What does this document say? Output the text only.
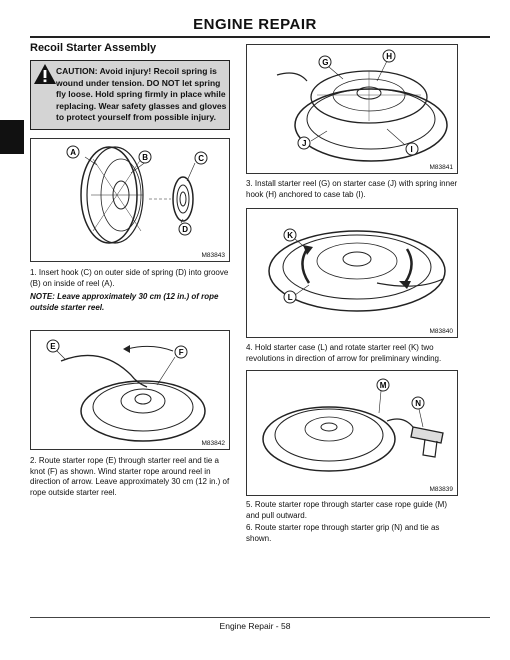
ENGINE REPAIR
Recoil Starter Assembly
CAUTION: Avoid injury! Recoil spring is wound under tension. DO NOT let spring fly loose. Hold spring firmly in place while replacing. Wear safety glasses and gloves to protect yourself from possible injury.
A
B	C
D
M83843
1. Insert hook (C) on outer side of spring (D) into groove (B) on inside of reel (A).
NOTE: Leave approximately 30 cm (12 in.) of rope outside starter reel.
E
F
M83842
2. Route starter rope (E) through starter reel and tie a knot (F) as shown. Wind starter rope around reel in direction of arrow. Leave approximately 30 cm (12 in.) of rope outside starter reel.
G
H
J
I
M83841
3. Install starter reel (G) on starter case (J) with spring inner hook (H) anchored to case tab (I).
K
L
M83840
4. Hold starter case (L) and rotate starter reel (K) two revolutions in direction of arrow for preliminary winding.
M
N
M83839
5. Route starter rope through starter case rope guide (M) and pull outward.
6. Route starter rope through starter grip (N) and tie as shown.
Engine Repair - 58
